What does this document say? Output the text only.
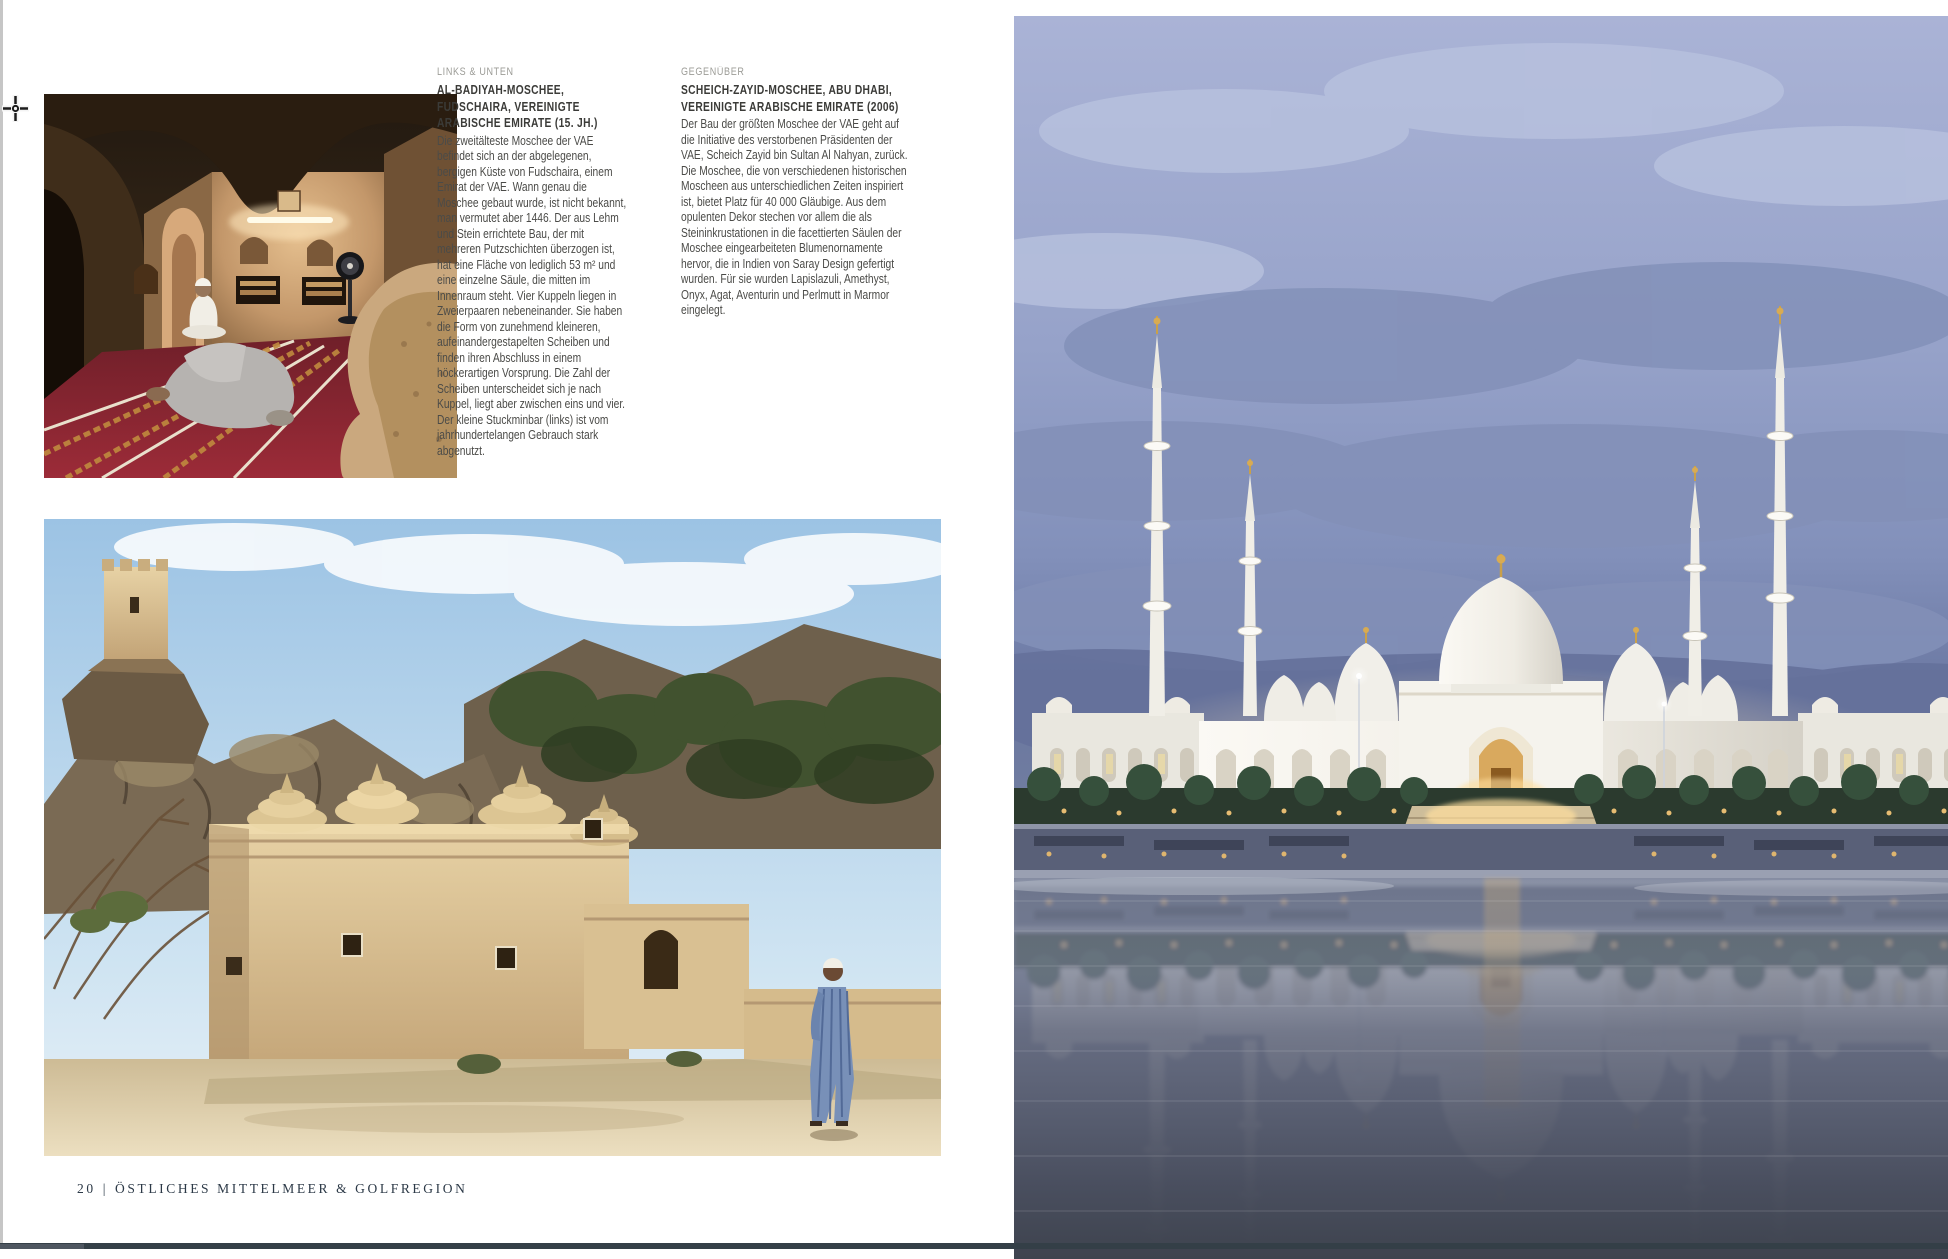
LINKS & UNTEN

AL-BADIYAH-MOSCHEE, FUDSCHAIRA, VEREINIGTE ARABISCHE EMIRATE (15. JH.)

Die zweitälteste Moschee der VAE befindet sich an der abgelegenen, bergigen Küste von Fudschaira, einem Emirat der VAE. Wann genau die Moschee gebaut wurde, ist nicht bekannt, man vermutet aber 1446. Der aus Lehm und Stein errichtete Bau, der mit mehreren Putzschichten überzogen ist, hat eine Fläche von lediglich 53 m² und eine einzelne Säule, die mitten im Innenraum steht. Vier Kuppeln liegen in Zweierpaaren nebeneinander. Sie haben die Form von zunehmend kleineren, aufeinandergestapelten Scheiben und finden ihren Abschluss in einem höckerartigen Vorsprung. Die Zahl der Scheiben unterscheidet sich je nach Kuppel, liegt aber zwischen eins und vier. Der kleine Stuckminbar (links) ist vom jahrhundertelangen Gebrauch stark abgenutzt.

GEGENÜBER

SCHEICH-ZAYID-MOSCHEE, ABU DHABI, VEREINIGTE ARABISCHE EMIRATE (2006)

Der Bau der größten Moschee der VAE geht auf die Initiative des verstorbenen Präsidenten der VAE, Scheich Zayid bin Sultan Al Nahyan, zurück. Die Moschee, die von verschiedenen historischen Moscheen aus unterschiedlichen Zeiten inspiriert ist, bietet Platz für 40 000 Gläubige. Aus dem opulenten Dekor stechen vor allem die als Steininkrustationen in die facettierten Säulen der Moschee eingearbeiteten Blumenornamente hervor, die in Indien von Saray Design gefertigt wurden. Für sie wurden Lapislazuli, Amethyst, Onyx, Agat, Aventurin und Perlmutt in Marmor eingelegt.

20 | ÖSTLICHES MITTELMEER & GOLFREGION
